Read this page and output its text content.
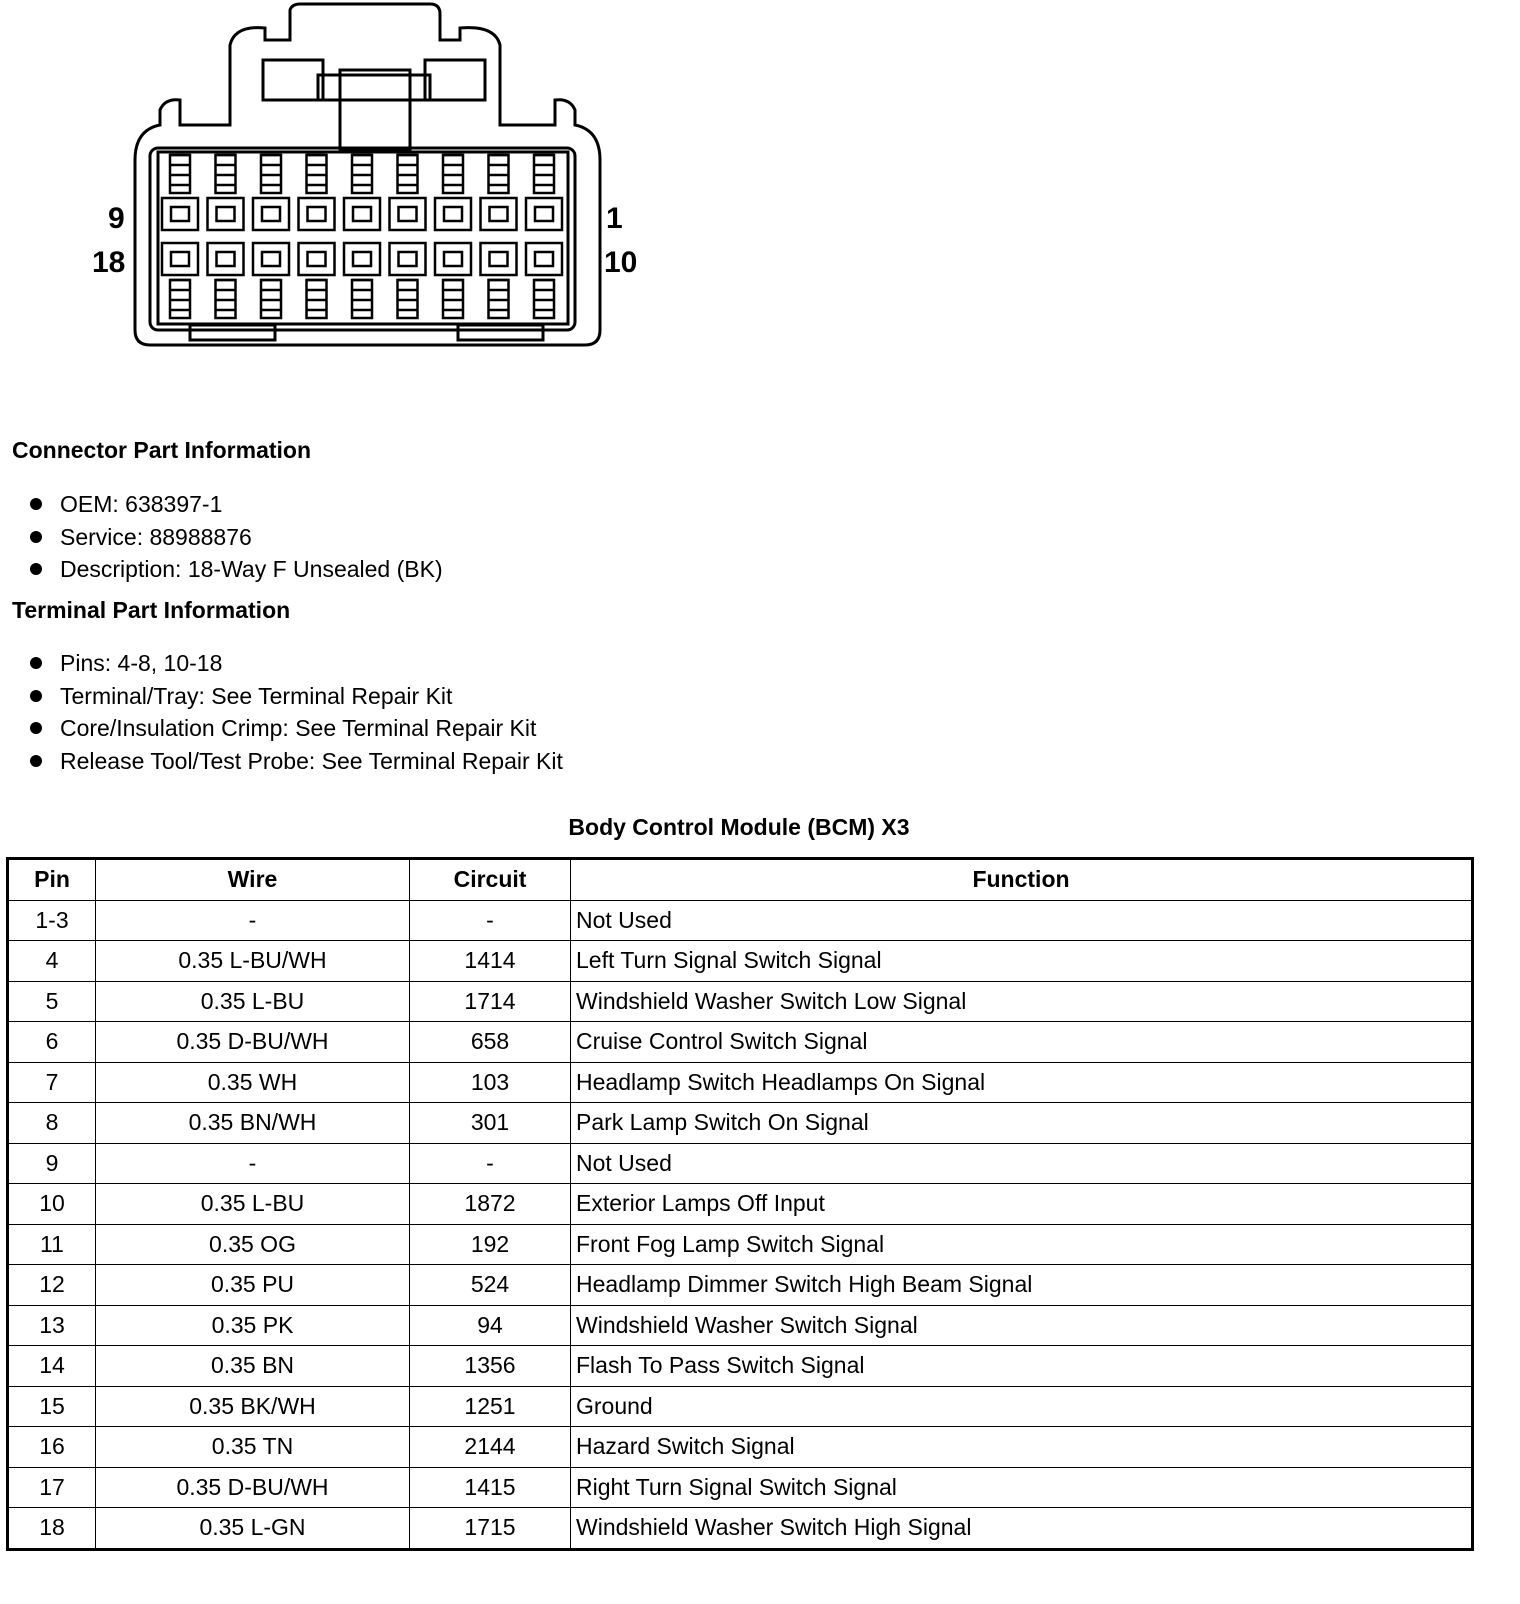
9
18
1
10
Connector Part Information
OEM: 638397-1
Service: 88988876
Description: 18-Way F Unsealed (BK)
Terminal Part Information
Pins: 4-8, 10-18
Terminal/Tray: See Terminal Repair Kit
Core/Insulation Crimp: See Terminal Repair Kit
Release Tool/Test Probe: See Terminal Repair Kit
Body Control Module (BCM) X3
Pin	Wire	Circuit	Function
1-3	-	-	Not Used
4	0.35 L-BU/WH	1414	Left Turn Signal Switch Signal
5	0.35 L-BU	1714	Windshield Washer Switch Low Signal
6	0.35 D-BU/WH	658	Cruise Control Switch Signal
7	0.35 WH	103	Headlamp Switch Headlamps On Signal
8	0.35 BN/WH	301	Park Lamp Switch On Signal
9	-	-	Not Used
10	0.35 L-BU	1872	Exterior Lamps Off Input
11	0.35 OG	192	Front Fog Lamp Switch Signal
12	0.35 PU	524	Headlamp Dimmer Switch High Beam Signal
13	0.35 PK	94	Windshield Washer Switch Signal
14	0.35 BN	1356	Flash To Pass Switch Signal
15	0.35 BK/WH	1251	Ground
16	0.35 TN	2144	Hazard Switch Signal
17	0.35 D-BU/WH	1415	Right Turn Signal Switch Signal
18	0.35 L-GN	1715	Windshield Washer Switch High Signal
